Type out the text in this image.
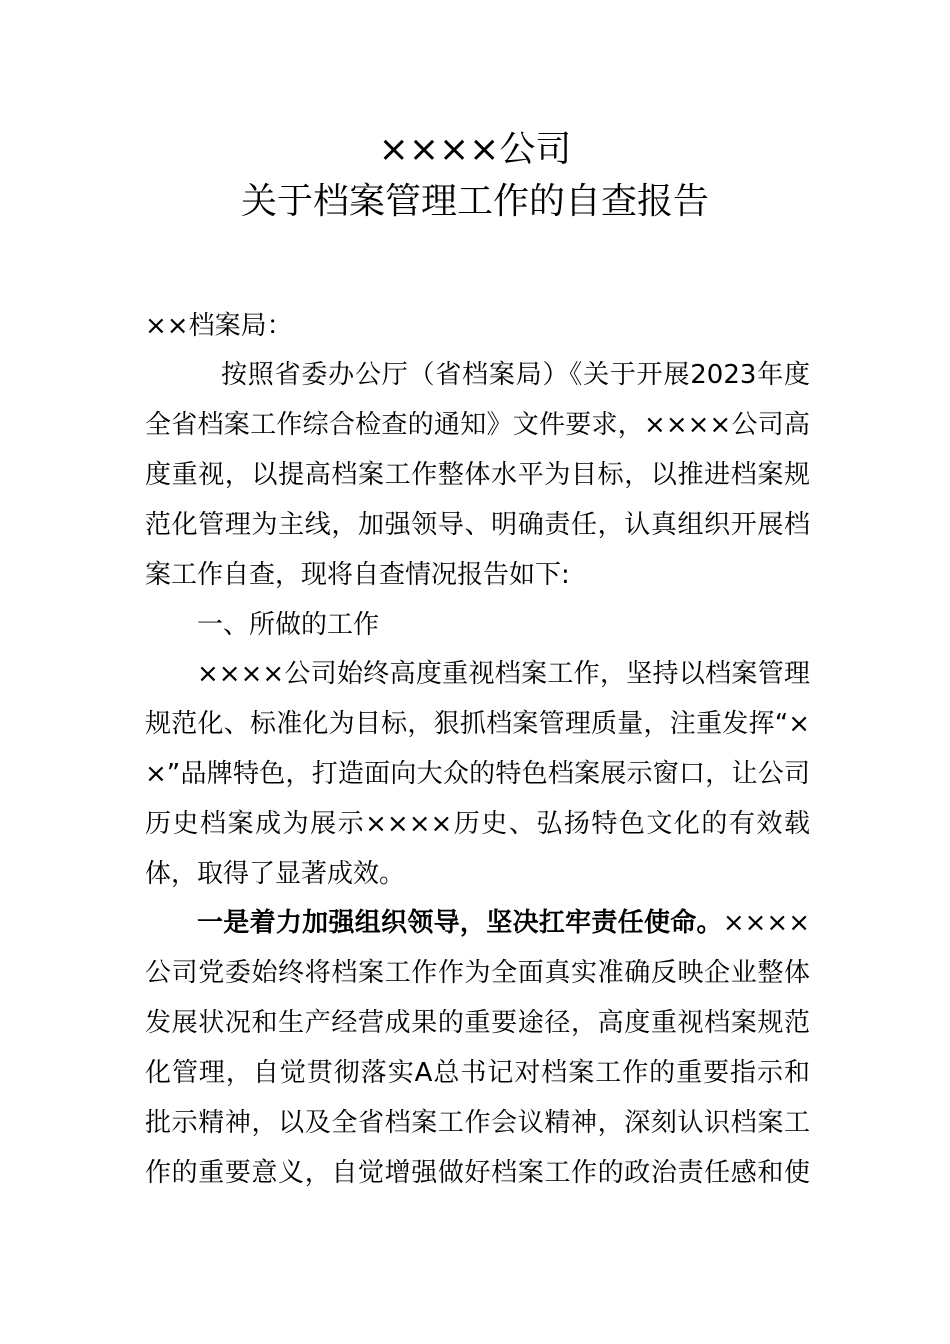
××××公司
关于档案管理工作的自查报告
××档案局：
按照省委办公厅（省档案局）《关于开展2023年度
全省档案工作综合检查的通知》文件要求，××××公司高
度重视，以提高档案工作整体水平为目标，以推进档案规
范化管理为主线，加强领导、明确责任，认真组织开展档
案工作自查，现将自查情况报告如下:
一、所做的工作
××××公司始终高度重视档案工作，坚持以档案管理
规范化、标准化为目标，狠抓档案管理质量，注重发挥“×
×”品牌特色，打造面向大众的特色档案展示窗口，让公司
历史档案成为展示××××历史、弘扬特色文化的有效载
体，取得了显著成效。
一是着力加强组织领导，坚决扛牢责任使命。××××
公司党委始终将档案工作作为全面真实准确反映企业整体
发展状况和生产经营成果的重要途径，高度重视档案规范
化管理，自觉贯彻落实A总书记对档案工作的重要指示和
批示精神，以及全省档案工作会议精神，深刻认识档案工
作的重要意义，自觉增强做好档案工作的政治责任感和使
